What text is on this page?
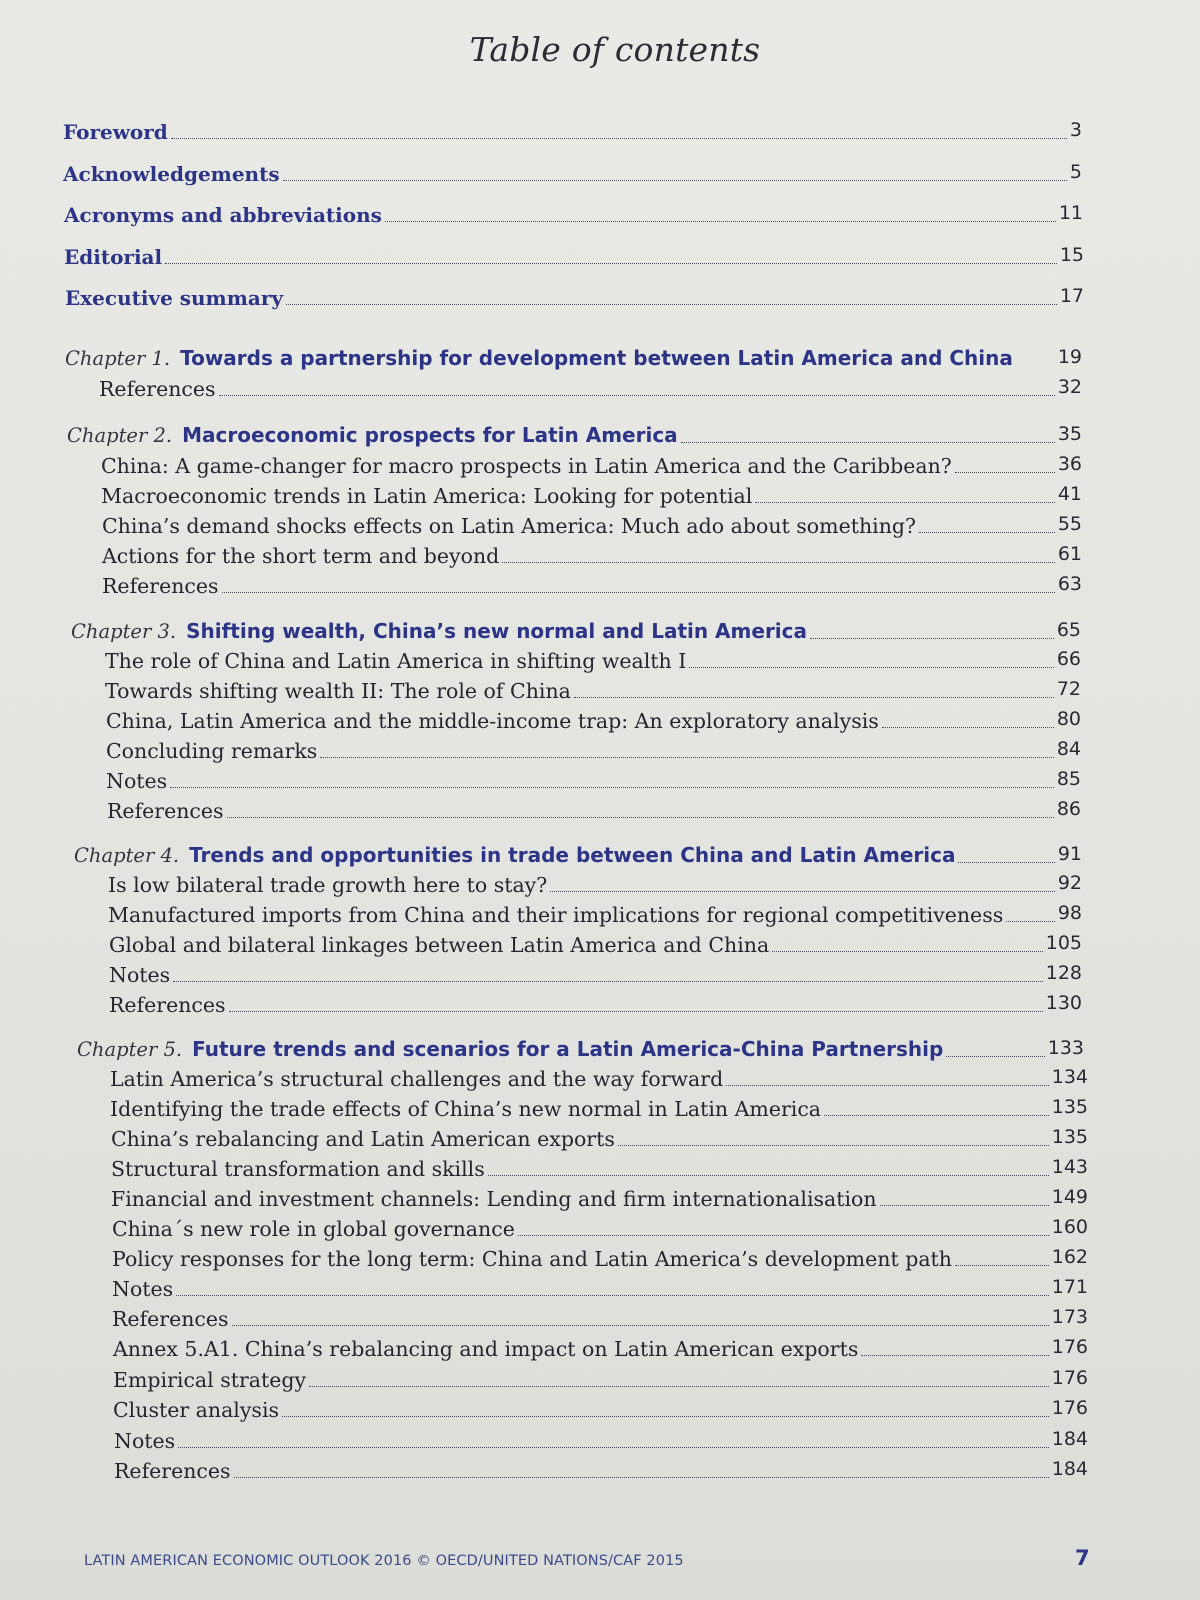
Table of contents
Foreword	3
Acknowledgements	5
Acronyms and abbreviations	11
Editorial	15
Executive summary	17
Chapter 1. Towards a partnership for development between Latin America and China 19
References	32
Chapter 2. Macroeconomic prospects for Latin America	35
China: A game-changer for macro prospects in Latin America and the Caribbean?	36
Macroeconomic trends in Latin America: Looking for potential	41
China’s demand shocks effects on Latin America: Much ado about something?	55
Actions for the short term and beyond	61
References	63
Chapter 3. Shifting wealth, China’s new normal and Latin America	65
The role of China and Latin America in shifting wealth I	66
Towards shifting wealth II: The role of China	72
China, Latin America and the middle-income trap: An exploratory analysis	80
Concluding remarks	84
Notes	85
References	86
Chapter 4. Trends and opportunities in trade between China and Latin America	91
Is low bilateral trade growth here to stay?	92
Manufactured imports from China and their implications for regional competitiveness	98
Global and bilateral linkages between Latin America and China	105
Notes	128
References	130
Chapter 5. Future trends and scenarios for a Latin America-China Partnership	133
Latin America’s structural challenges and the way forward	134
Identifying the trade effects of China’s new normal in Latin America	135
China’s rebalancing and Latin American exports	135
Structural transformation and skills	143
Financial and investment channels: Lending and firm internationalisation	149
China´s new role in global governance	160
Policy responses for the long term: China and Latin America’s development path	162
Notes	171
References	173
Annex 5.A1. China’s rebalancing and impact on Latin American exports	176
Empirical strategy	176
Cluster analysis	176
Notes	184
References	184
LATIN AMERICAN ECONOMIC OUTLOOK 2016 © OECD/UNITED NATIONS/CAF 2015	7
